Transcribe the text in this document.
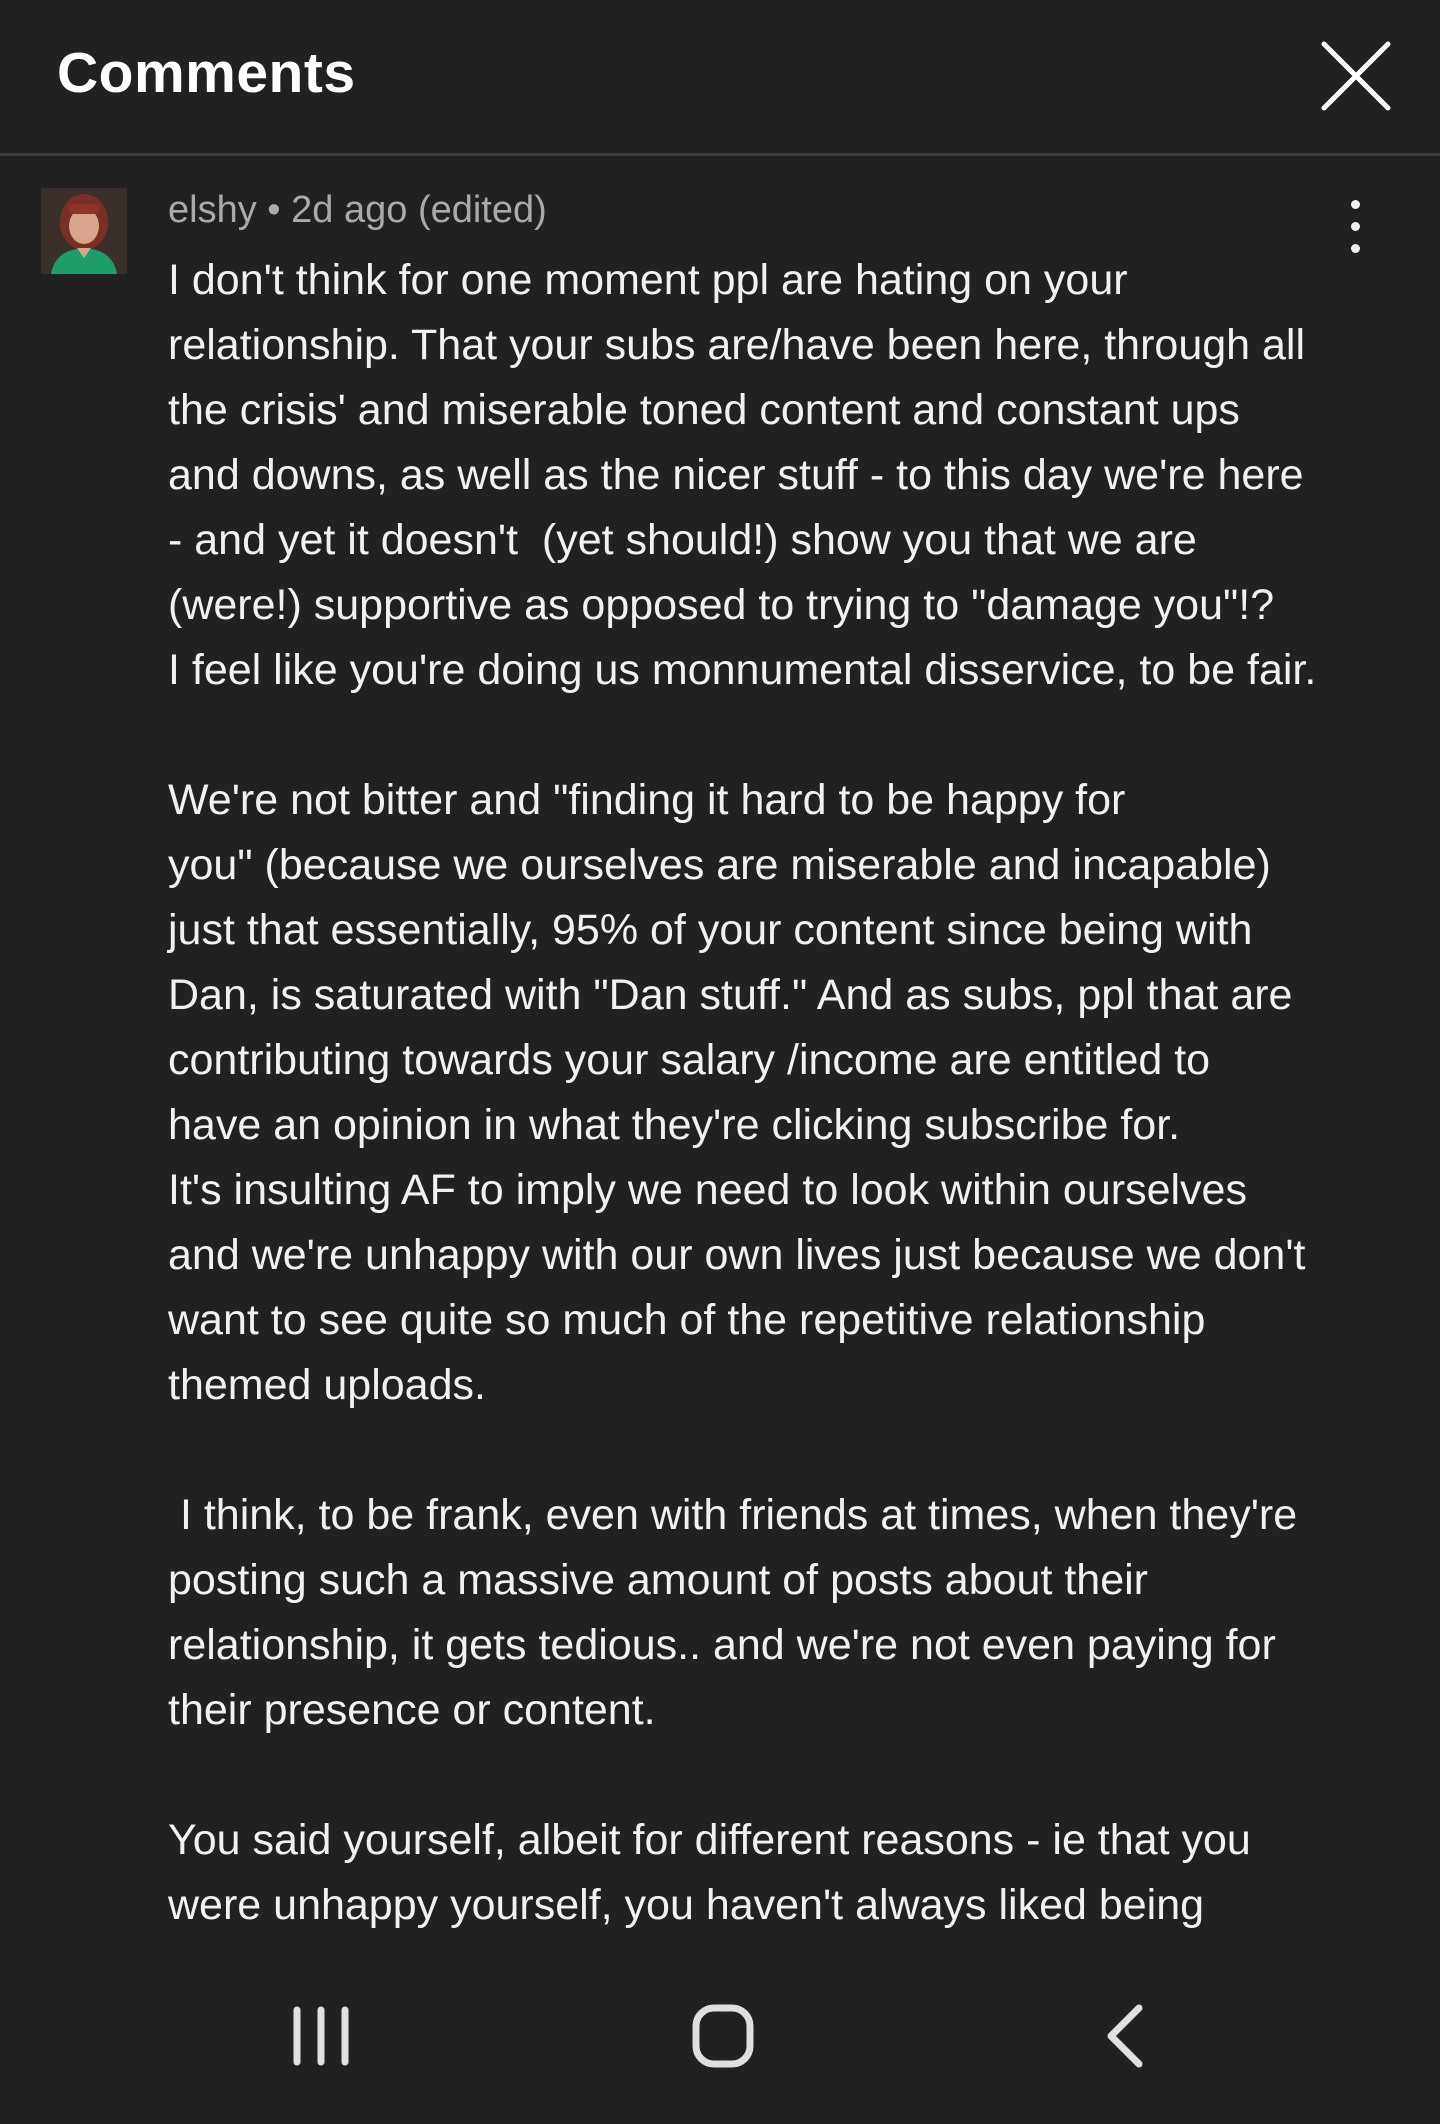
Comments
elshy • 2d ago (edited)
I don't think for one moment ppl are hating on your
relationship. That your subs are/have been here, through all
the crisis' and miserable toned content and constant ups
and downs, as well as the nicer stuff - to this day we're here
- and yet it doesn't  (yet should!) show you that we are
(were!) supportive as opposed to trying to "damage you"!?
I feel like you're doing us monnumental disservice, to be fair.
We're not bitter and "finding it hard to be happy for
you" (because we ourselves are miserable and incapable)
just that essentially, 95% of your content since being with
Dan, is saturated with "Dan stuff." And as subs, ppl that are
contributing towards your salary /income are entitled to
have an opinion in what they're clicking subscribe for.
It's insulting AF to imply we need to look within ourselves
and we're unhappy with our own lives just because we don't
want to see quite so much of the repetitive relationship
themed uploads.
I think, to be frank, even with friends at times, when they're
posting such a massive amount of posts about their
relationship, it gets tedious.. and we're not even paying for
their presence or content.
You said yourself, albeit for different reasons - ie that you
were unhappy yourself, you haven't always liked being
